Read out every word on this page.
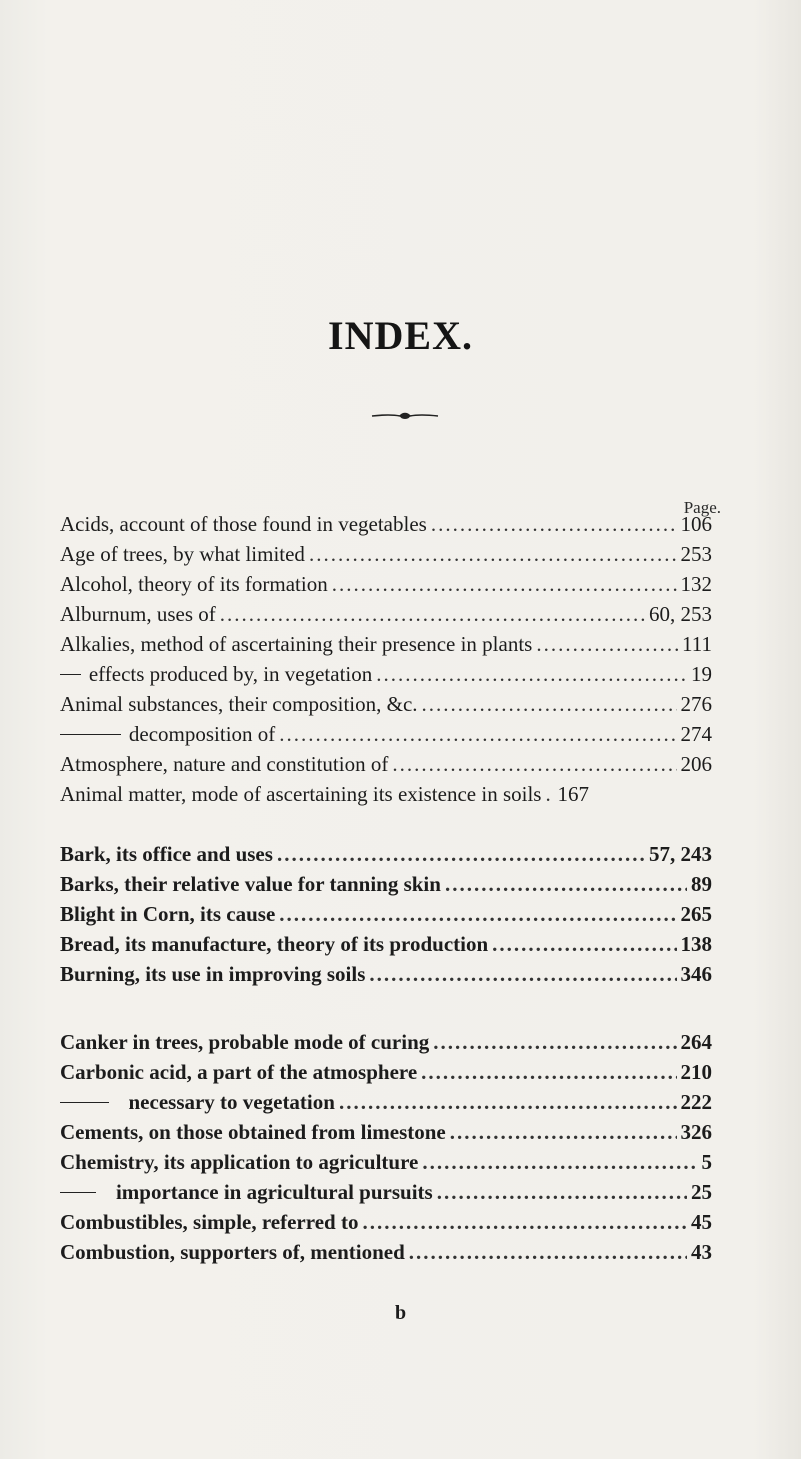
INDEX.
Page.
Acids, account of those found in vegetables .....	106
Age of trees, by what limited .....	253
Alcohol, theory of its formation .....	132
Alburnum, uses of .....	60, 253
Alkalies, method of ascertaining their presence in plants .....	111
effects produced by, in vegetation .....	19
Animal substances, their composition, &c. .....	276
decomposition of .....	274
Atmosphere, nature and constitution of .....	206
Animal matter, mode of ascertaining its existence in soils ..... 167
Bark, its office and uses .....	57, 243
Barks, their relative value for tanning skin .....	89
Blight in Corn, its cause .....	265
Bread, its manufacture, theory of its production .....	138
Burning, its use in improving soils .....	346
Canker in trees, probable mode of curing .....	264
Carbonic acid, a part of the atmosphere .....	210
necessary to vegetation .....	222
Cements, on those obtained from limestone .....	326
Chemistry, its application to agriculture .....	5
importance in agricultural pursuits .....	25
Combustibles, simple, referred to .....	45
Combustion, supporters of, mentioned .....	43
b
